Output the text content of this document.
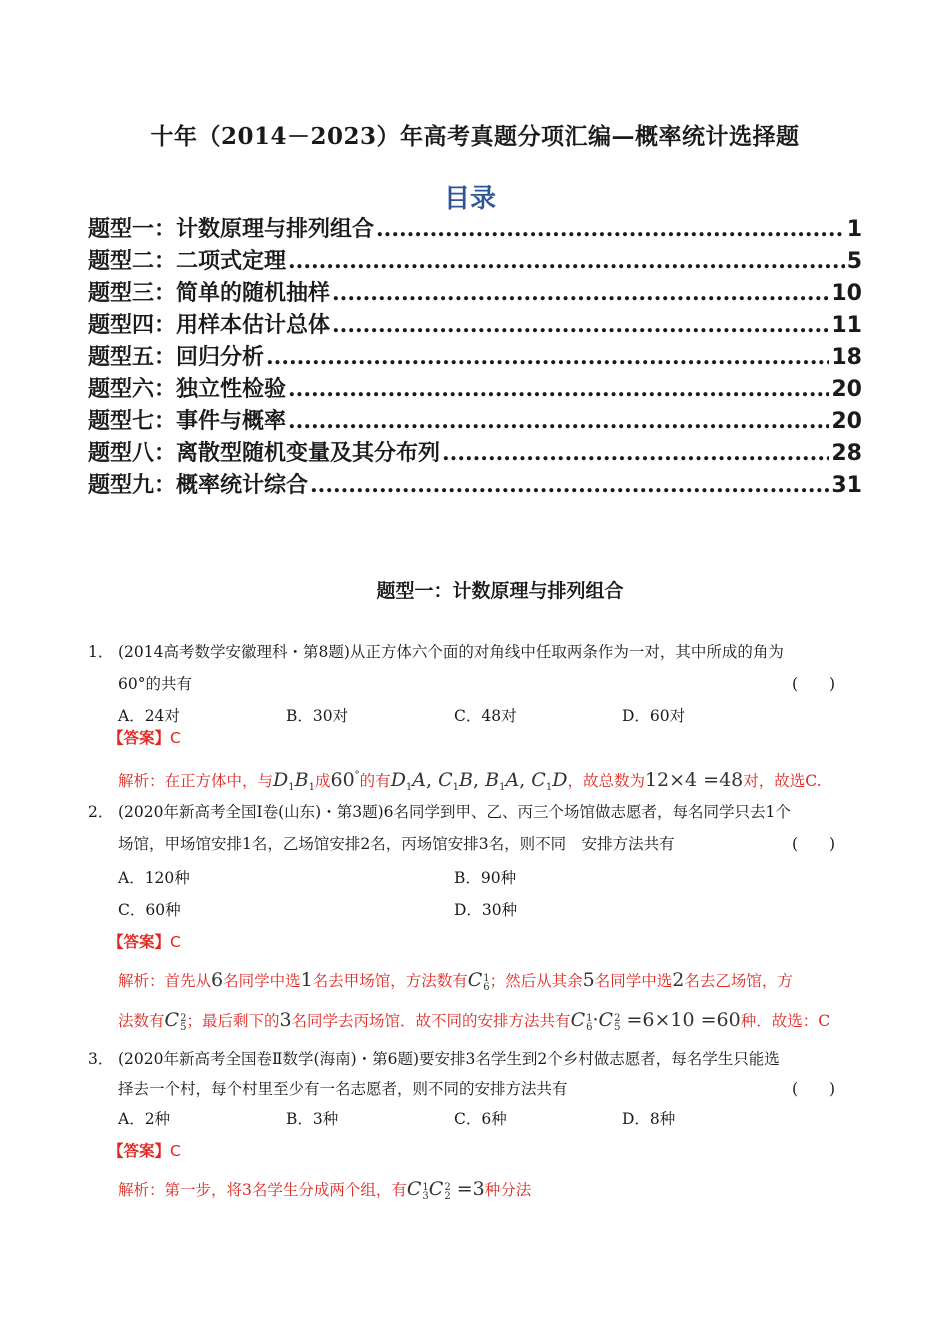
十年（2014－2023）年高考真题分项汇编—概率统计选择题
目录
题型一：计数原理与排列组合 .....	1
题型二：二项式定理 .....	5
题型三：简单的随机抽样 .....	10
题型四：用样本估计总体 .....	11
题型五：回归分析 .....	18
题型六：独立性检验 .....	20
题型七：事件与概率 .....	20
题型八：离散型随机变量及其分布列 .....	28
题型九：概率统计综合 .....	31
题型一：计数原理与排列组合
1． (2014高考数学安徽理科・第8题)从正方体六个面的对角线中任取两条作为一对，其中所成的角为
60°的共有	(　　)
A．24对	B．30对	C．48对	D．60对
【答案】C
解析：在正方体中，与$D_1B_1$成60°的有$D_1A$, $C_1B$, $B_1A$, $C_1D$，故总数为12×4 =48对，故选C.
2． (2020年新高考全国Ⅰ卷(山东)・第3题)6名同学到甲、乙、丙三个场馆做志愿者，每名同学只去1个
场馆，甲场馆安排1名，乙场馆安排2名，丙场馆安排3名，则不同　安排方法共有	(　　)
A．120种	B．90种
C．60种	D．30种
【答案】C
解析：首先从6名同学中选1名去甲场馆，方法数有C 1
6 ；然后从其余5名同学中选2名去乙场馆，方
法数有C 2
5 ；最后剩下的3名同学去丙场馆．故不同的安排方法共有C 1
6 ·C 2
5 =6×10 =60种．故选：C
3． (2020年新高考全国卷Ⅱ数学(海南)・第6题)要安排3名学生到2个乡村做志愿者，每名学生只能选
择去一个村，每个村里至少有一名志愿者，则不同的安排方法共有	(　　)
A．2种	B．3种	C．6种	D．8种
【答案】C
解析：第一步，将3名学生分成两个组，有C 1
3 C 2
2 =3种分法
